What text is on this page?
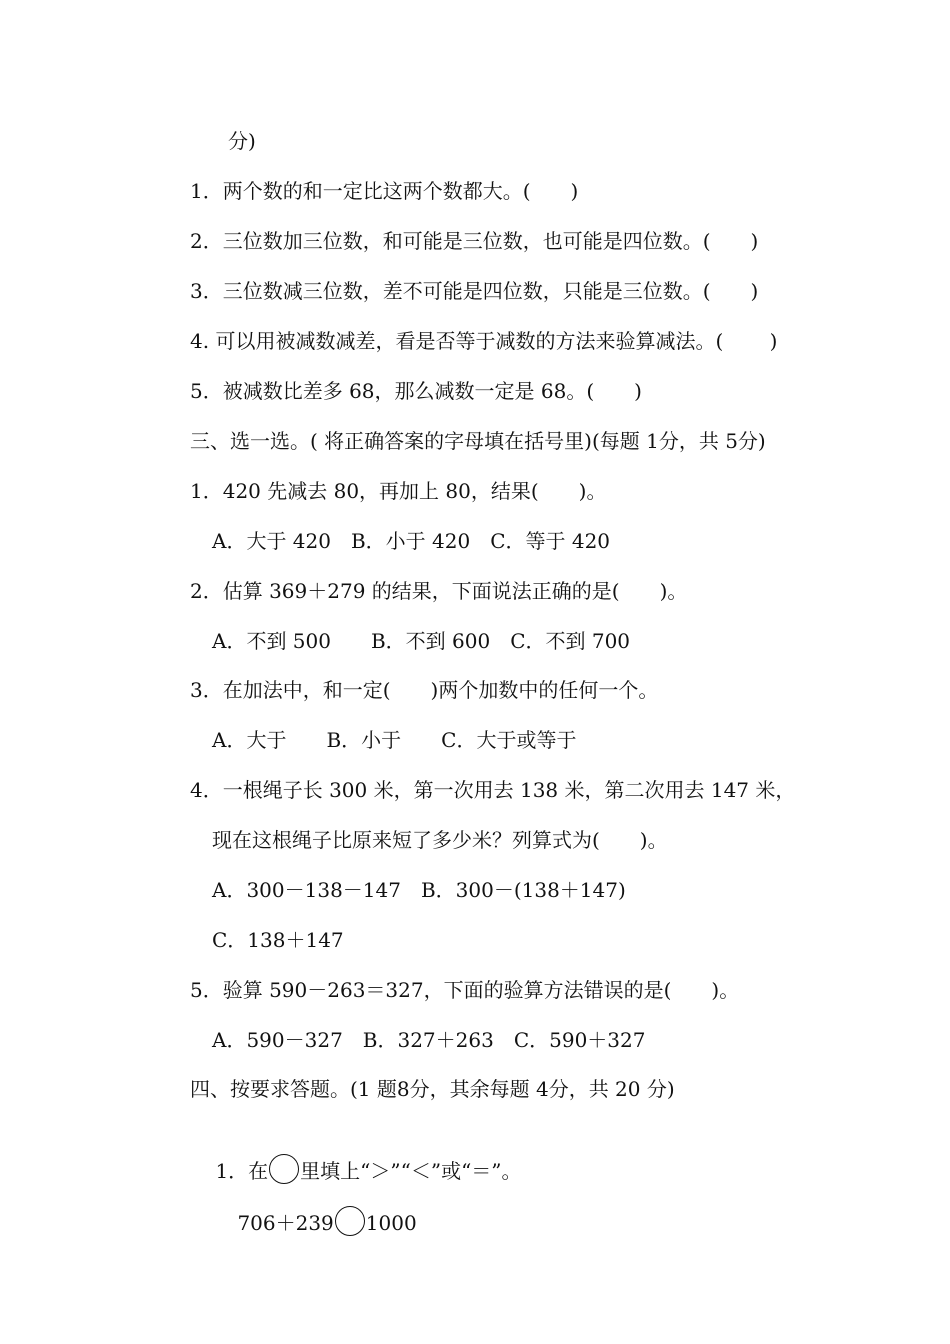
分)
1．两个数的和一定比这两个数都大。(　　)
2．三位数加三位数，和可能是三位数，也可能是四位数。(　　)
3．三位数减三位数，差不可能是四位数，只能是三位数。(　　)
4. 可以用被减数减差，看是否等于减数的方法来验算减法。(　　 )
5．被减数比差多 68，那么减数一定是 68。(　　)
三、选一选。( 将正确答案的字母填在括号里)(每题 1分，共 5分)
1．420 先减去 80，再加上 80，结果(　　)。
A．大于 420　B．小于 420　C．等于 420
2．估算 369＋279 的结果，下面说法正确的是(　　)。
A．不到 500　　B．不到 600　C．不到 700
3．在加法中，和一定(　　)两个加数中的任何一个。
A．大于　　B．小于　　C．大于或等于
4．一根绳子长 300 米，第一次用去 138 米，第二次用去 147 米，
现在这根绳子比原来短了多少米？列算式为(　　)。
A．300－138－147　B．300－(138＋147)
C．138＋147
5．验算 590－263＝327，下面的验算方法错误的是(　　)。
A．590－327　B．327＋263　C．590＋327
四、按要求答题。(1 题8分，其余每题 4分，共 20 分)

1．在 里填上“＞”“＜”或“＝”。

706＋239 1000
